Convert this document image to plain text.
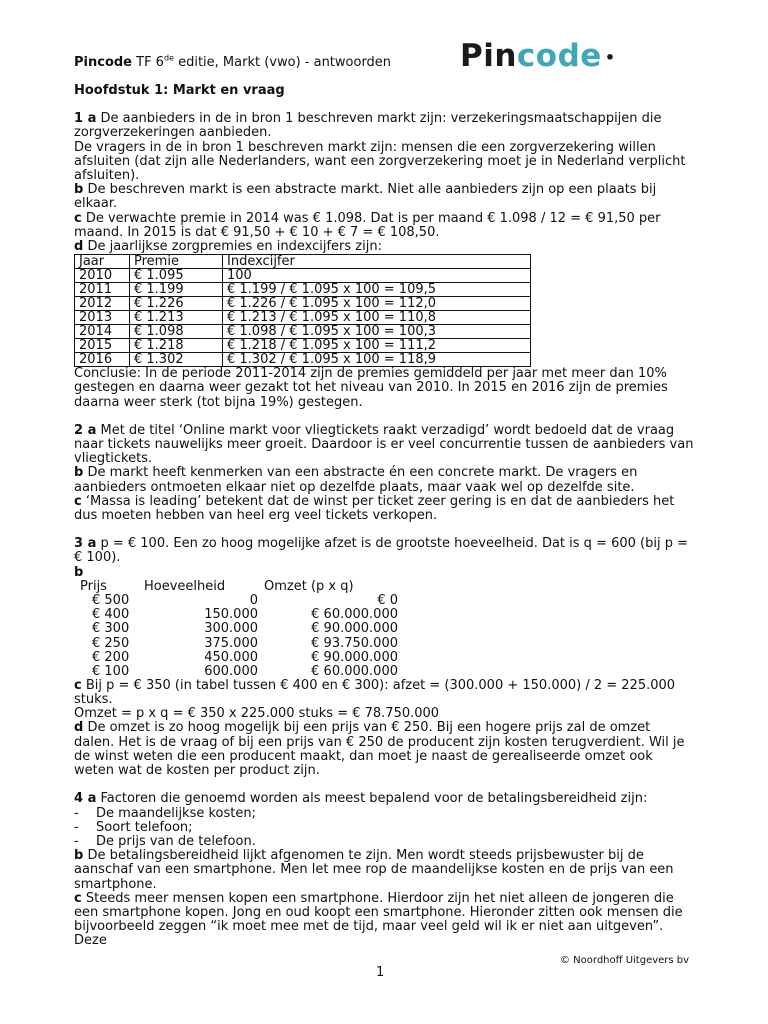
Pincode TF 6de editie, Markt (vwo) - antwoorden Pin code •
Hoofdstuk 1: Markt en vraag

1 a De aanbieders in de in bron 1 beschreven markt zijn: verzekeringsmaatschappijen die zorgverzekeringen aanbieden.

De vragers in de in bron 1 beschreven markt zijn: mensen die een zorgverzekering willen afsluiten (dat zijn alle Nederlanders, want een zorgverzekering moet je in Nederland verplicht afsluiten).

b De beschreven markt is een abstracte markt. Niet alle aanbieders zijn op een plaats bij elkaar.

c De verwachte premie in 2014 was € 1.098. Dat is per maand € 1.098 / 12 = € 91,50 per maand. In 2015 is dat € 91,50 + € 10 + € 7 = € 108,50.

d De jaarlijkse zorgpremies en indexcijfers zijn:

Jaar	Premie	Indexcijfer
2010	€ 1.095	100
2011	€ 1.199	€ 1.199 / € 1.095 x 100 = 109,5
2012	€ 1.226	€ 1.226 / € 1.095 x 100 = 112,0
2013	€ 1.213	€ 1.213 / € 1.095 x 100 = 110,8
2014	€ 1.098	€ 1.098 / € 1.095 x 100 = 100,3
2015	€ 1.218	€ 1.218 / € 1.095 x 100 = 111,2
2016	€ 1.302	€ 1.302 / € 1.095 x 100 = 118,9

Conclusie: In de periode 2011-2014 zijn de premies gemiddeld per jaar met meer dan 10% gestegen en daarna weer gezakt tot het niveau van 2010. In 2015 en 2016 zijn de premies daarna weer sterk (tot bijna 19%) gestegen.

2 a Met de titel ‘Online markt voor vliegtickets raakt verzadigd’ wordt bedoeld dat de vraag naar tickets nauwelijks meer groeit. Daardoor is er veel concurrentie tussen de aanbieders van vliegtickets.

b De markt heeft kenmerken van een abstracte én een concrete markt. De vragers en aanbieders ontmoeten elkaar niet op dezelfde plaats, maar vaak wel op dezelfde site.

c ‘Massa is leading’ betekent dat de winst per ticket zeer gering is en dat de aanbieders het dus moeten hebben van heel erg veel tickets verkopen.

3 a p = € 100. Een zo hoog mogelijke afzet is de grootste hoeveelheid. Dat is q = 600 (bij p = € 100).

b

Prijs	Hoeveelheid	Omzet (p x q)
€ 500	0	€ 0
€ 400	150.000	€ 60.000.000
€ 300	300.000	€ 90.000.000
€ 250	375.000	€ 93.750.000
€ 200	450.000	€ 90.000.000
€ 100	600.000	€ 60.000.000

c Bij p = € 350 (in tabel tussen € 400 en € 300): afzet = (300.000 + 150.000) / 2 = 225.000 stuks.

Omzet = p x q = € 350 x 225.000 stuks = € 78.750.000

d De omzet is zo hoog mogelijk bij een prijs van € 250. Bij een hogere prijs zal de omzet dalen. Het is de vraag of bij een prijs van € 250 de producent zijn kosten terugverdient. Wil je de winst weten die een producent maakt, dan moet je naast de gerealiseerde omzet ook weten wat de kosten per product zijn.

4 a Factoren die genoemd worden als meest bepalend voor de betalingsbereidheid zijn:

-	De maandelijkse kosten;
-	Soort telefoon;
-	De prijs van de telefoon.

b De betalingsbereidheid lijkt afgenomen te zijn. Men wordt steeds prijsbewuster bij de aanschaf van een smartphone. Men let mee rop de maandelijkse kosten en de prijs van een smartphone.

c Steeds meer mensen kopen een smartphone. Hierdoor zijn het niet alleen de jongeren die een smartphone kopen. Jong en oud koopt een smartphone. Hieronder zitten ook mensen die bijvoorbeeld zeggen “ik moet mee met de tijd, maar veel geld wil ik er niet aan uitgeven”. Deze

© Noordhoff Uitgevers bv
1
